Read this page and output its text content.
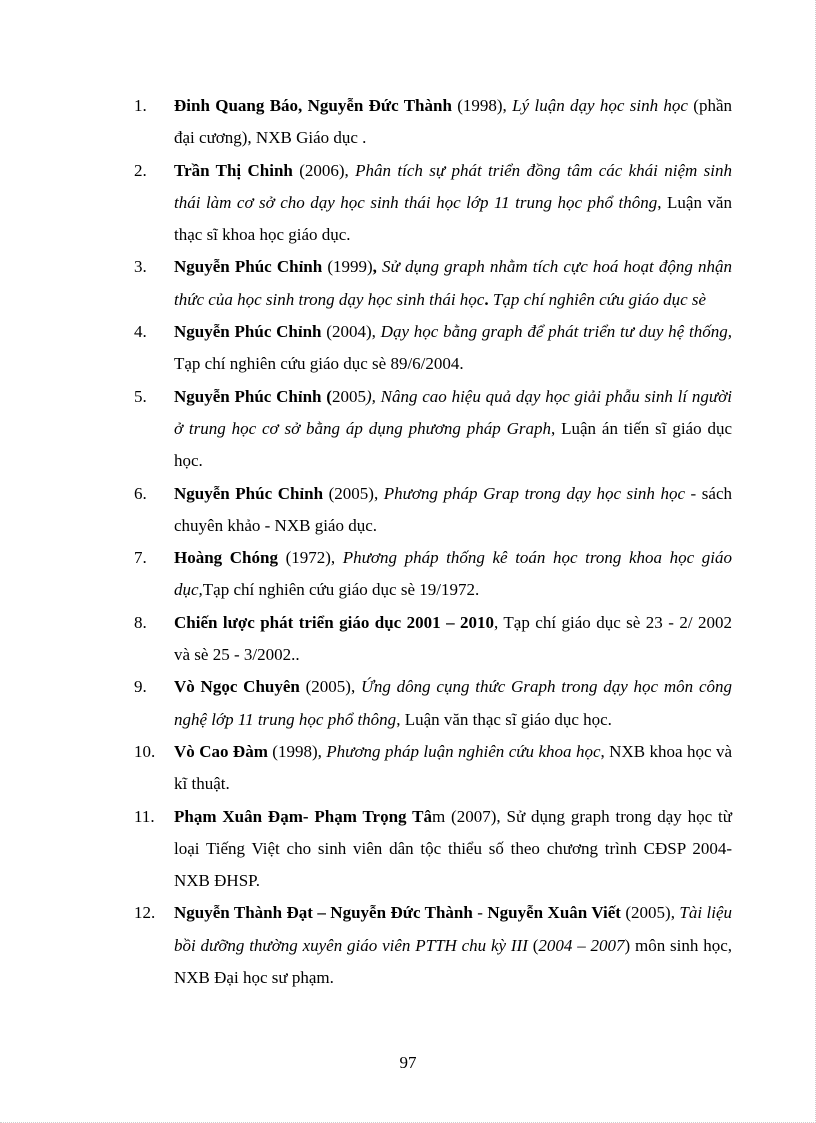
1.	Đinh Quang Báo, Nguyễn Đức Thành (1998), Lý luận dạy học sinh học (phần đại cương), NXB Giáo dục .
2.	Trần Thị Chinh (2006), Phân tích sự phát triển đồng tâm các khái niệm sinh thái làm cơ sở cho dạy học sinh thái học lớp 11 trung học phổ thông, Luận văn thạc sĩ khoa học giáo dục.
3.	Nguyễn Phúc Chỉnh (1999), Sử dụng graph nhằm tích cực hoá hoạt động nhận thức của học sinh trong dạy học sinh thái học. Tạp chí nghiên cứu giáo dục sè
4.	Nguyễn Phúc Chỉnh (2004), Dạy học bằng graph để phát triển tư duy hệ thống, Tạp chí nghiên cứu giáo dục sè 89/6/2004.
5.	Nguyễn Phúc Chỉnh (2005), Nâng cao hiệu quả dạy học giải phẫu sinh lí người ở trung học cơ sở bằng áp dụng phương pháp Graph, Luận án tiến sĩ giáo dục học.
6.	Nguyễn Phúc Chỉnh (2005), Phương pháp Grap trong dạy học sinh học - sách chuyên khảo - NXB giáo dục.
7.	Hoàng Chóng (1972), Phương pháp thống kê toán học trong khoa học giáo dục,Tạp chí nghiên cứu giáo dục sè 19/1972.
8.	Chiến lược phát triển giáo dục 2001 – 2010, Tạp chí giáo dục sè 23 - 2/ 2002 và sè 25 - 3/2002..
9.	Vò Ngọc Chuyên (2005), Ứng dông cụng thức Graph trong dạy học môn công nghệ lớp 11 trung học phổ thông, Luận văn thạc sĩ giáo dục học.
10.	Vò Cao Đàm (1998), Phương pháp luận nghiên cứu khoa học, NXB khoa học và kĩ thuật.
11.	Phạm Xuân Đạm- Phạm Trọng Tâm (2007), Sử dụng graph trong dạy học từ loại Tiếng Việt cho sinh viên dân tộc thiểu số theo chương trình CĐSP 2004- NXB ĐHSP.
12.	Nguyễn Thành Đạt – Nguyễn Đức Thành - Nguyễn Xuân Viết (2005), Tài liệu bồi dưỡng thường xuyên giáo viên PTTH chu kỳ III (2004 – 2007) môn sinh học, NXB Đại học sư phạm.
97
